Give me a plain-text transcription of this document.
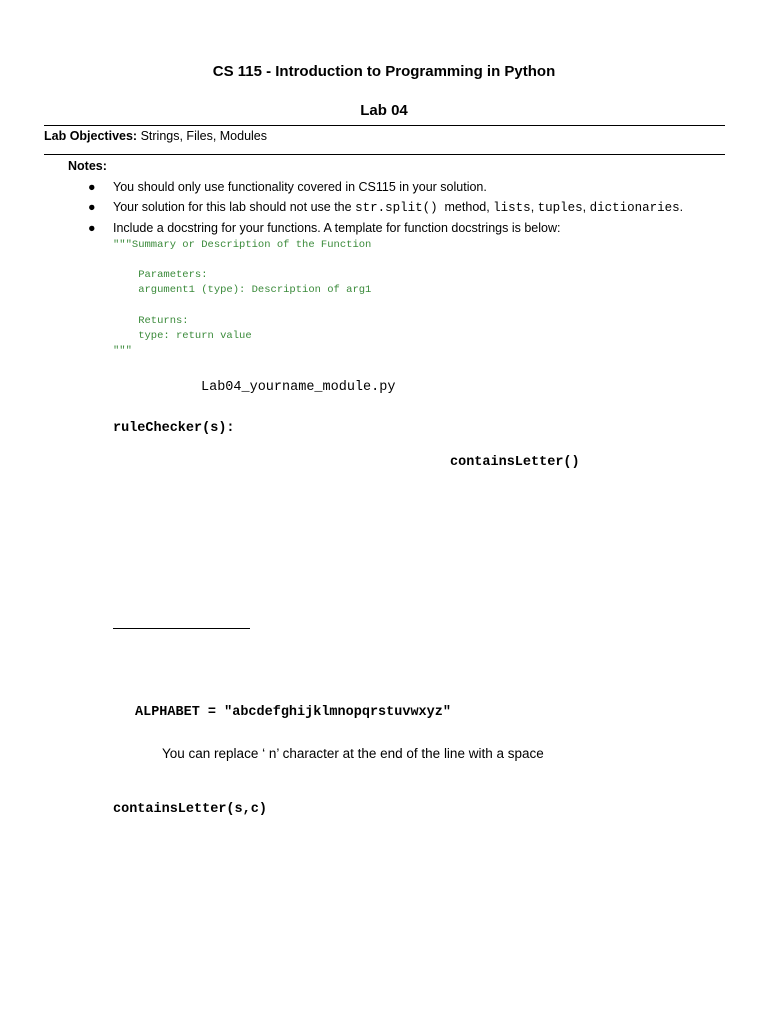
CS 115 - Introduction to Programming in Python
Lab 04
Lab Objectives: Strings, Files, Modules
Notes:
● You should only use functionality covered in CS115 in your solution.
● Your solution for this lab should not use the str.split()  method, lists, tuples, dictionaries.
● Include a docstring for your functions. A template for function docstrings is below:
"""Summary or Description of the Function
Parameters:
argument1 (type): Description of arg1
Returns:
type: return value
"""
Lab04_yourname_module.py
ruleChecker(s):
containsLetter()
ALPHABET = "abcdefghijklmnopqrstuvwxyz"
You can replace ‘ n’ character at the end of the line with a space
containsLetter(s,c)
